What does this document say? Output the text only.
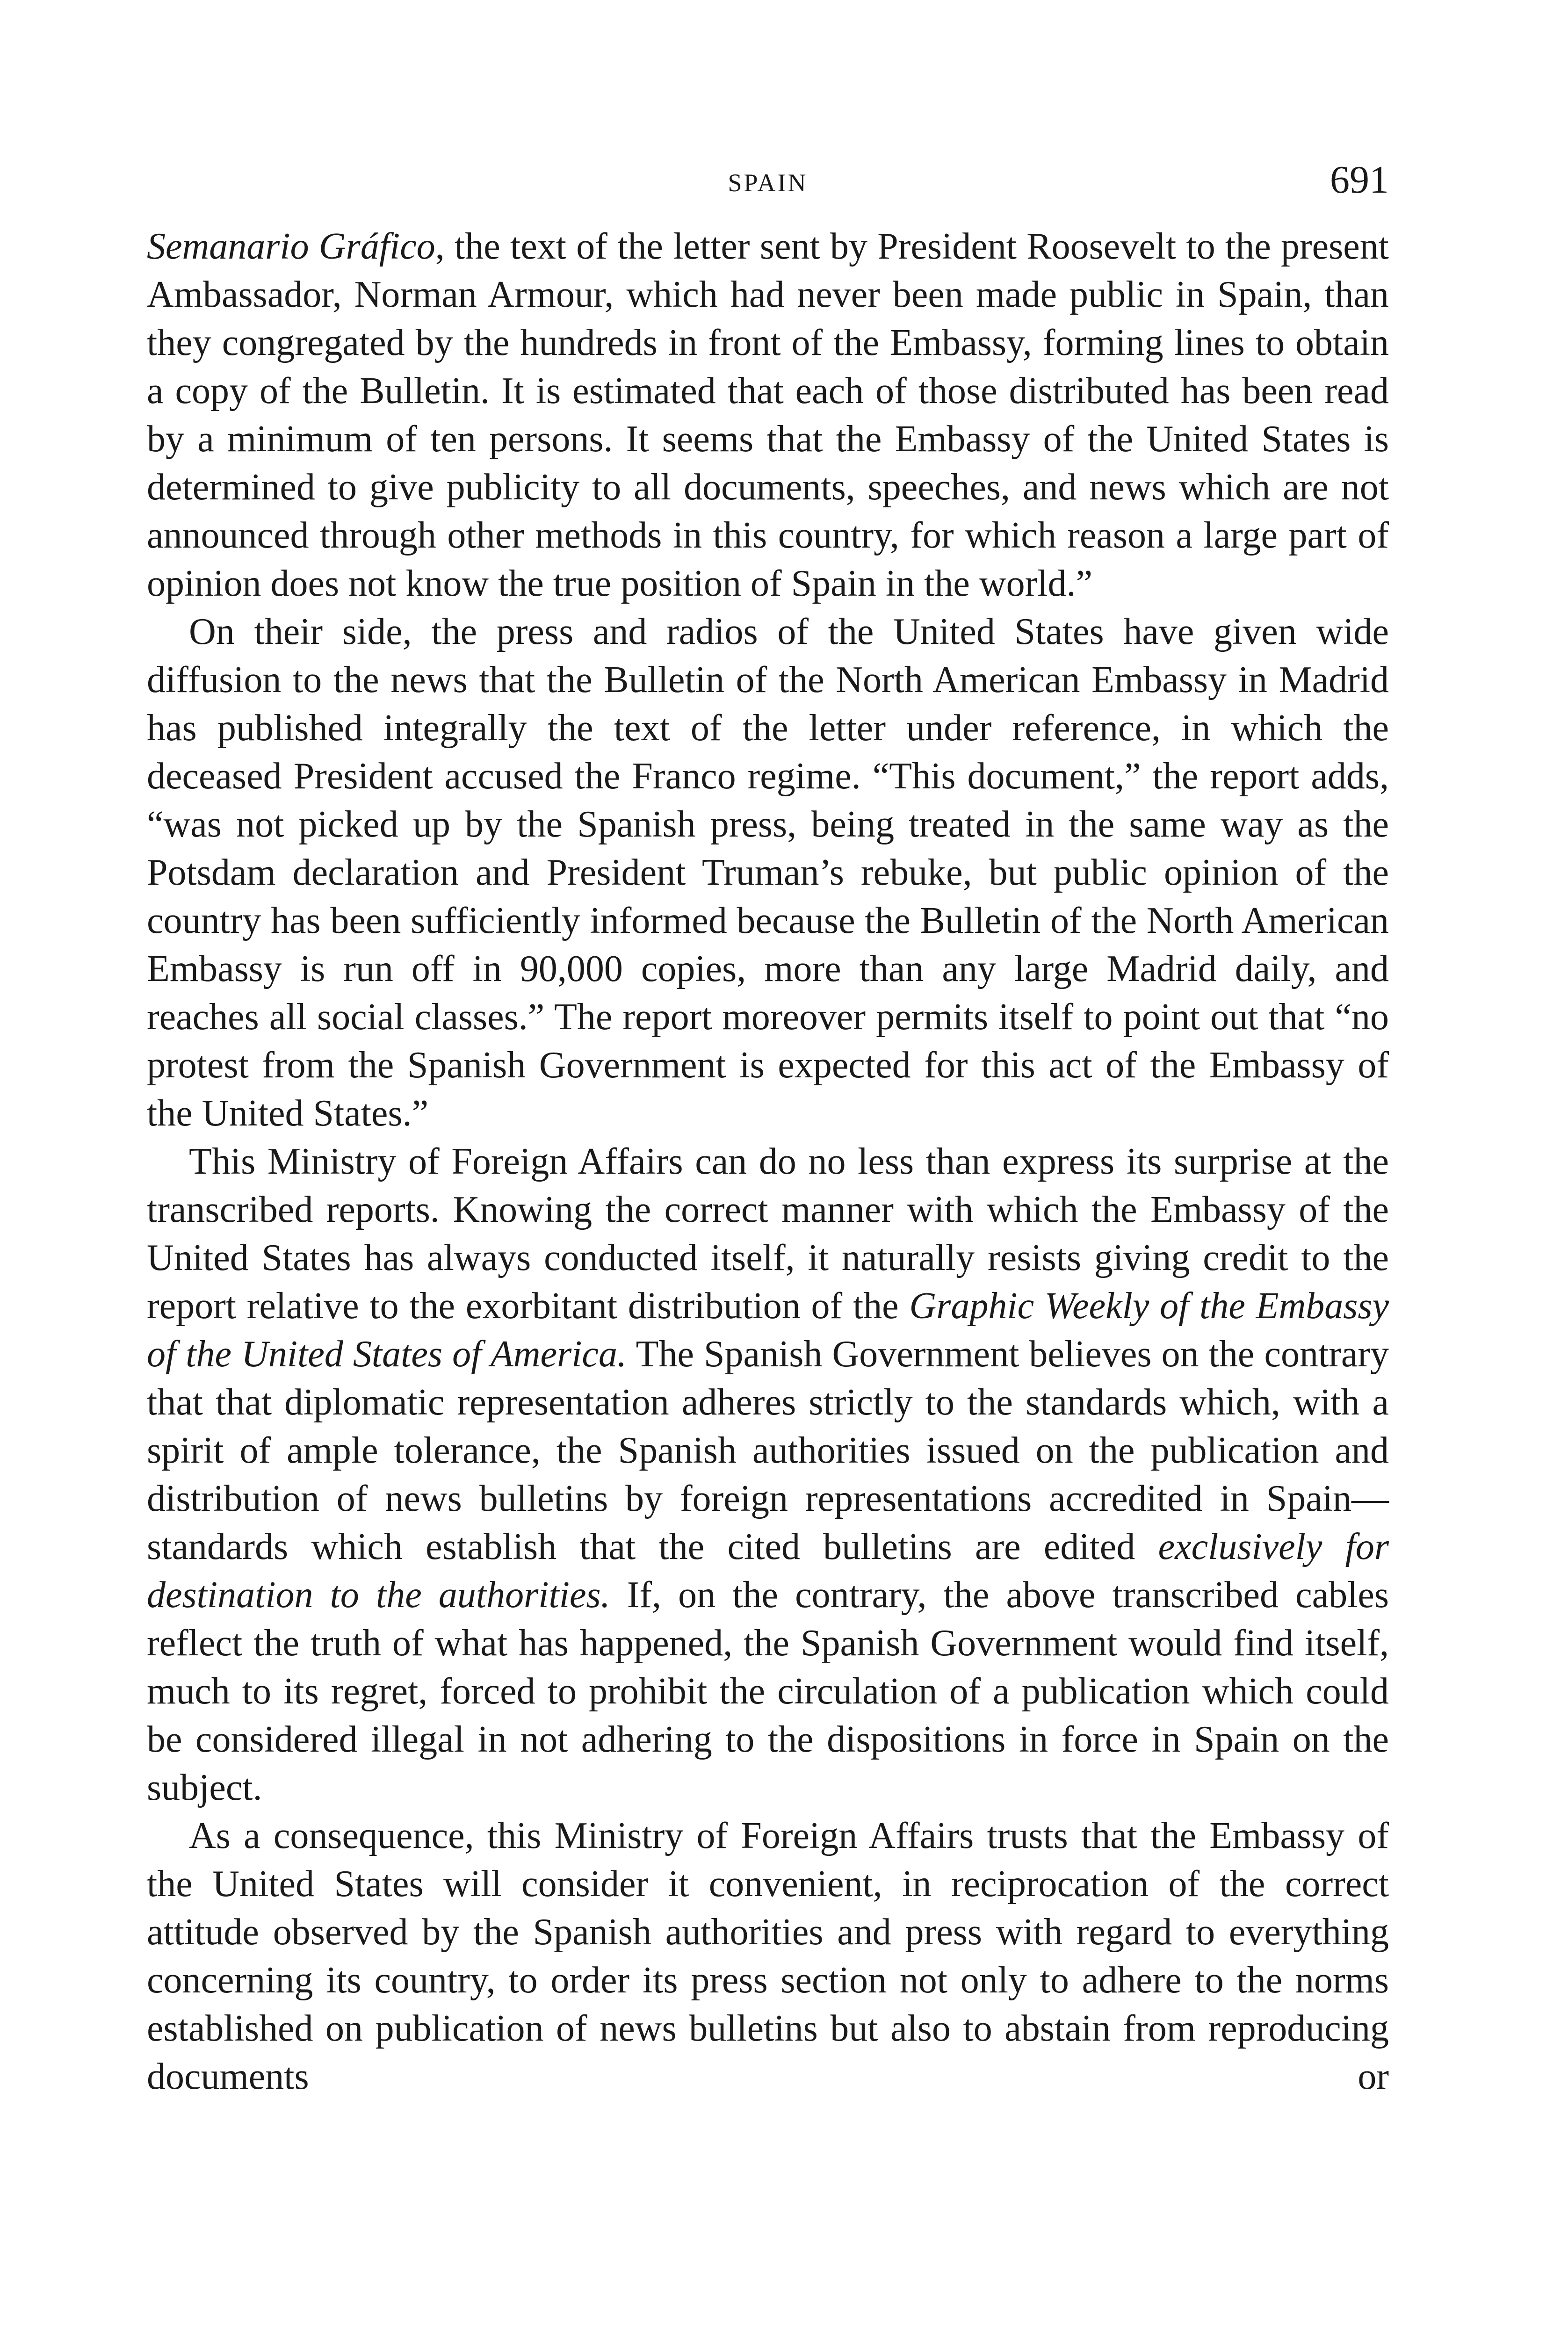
SPAIN	691

Semanario Gráfico, the text of the letter sent by President Roosevelt to the present Ambassador, Norman Armour, which had never been made public in Spain, than they congregated by the hundreds in front of the Embassy, forming lines to obtain a copy of the Bulletin. It is estimated that each of those distributed has been read by a minimum of ten persons. It seems that the Embassy of the United States is determined to give publicity to all documents, speeches, and news which are not announced through other methods in this country, for which reason a large part of opinion does not know the true position of Spain in the world.”

On their side, the press and radios of the United States have given wide diffusion to the news that the Bulletin of the North American Embassy in Madrid has published integrally the text of the letter under reference, in which the deceased President accused the Franco regime. “This document,” the report adds, “was not picked up by the Spanish press, being treated in the same way as the Potsdam declaration and President Truman’s rebuke, but public opinion of the country has been sufficiently informed because the Bulletin of the North American Embassy is run off in 90,000 copies, more than any large Madrid daily, and reaches all social classes.” The report moreover permits itself to point out that “no protest from the Spanish Government is expected for this act of the Embassy of the United States.”

This Ministry of Foreign Affairs can do no less than express its surprise at the transcribed reports. Knowing the correct manner with which the Embassy of the United States has always conducted itself, it naturally resists giving credit to the report relative to the exorbitant distribution of the Graphic Weekly of the Embassy of the United States of America. The Spanish Government believes on the contrary that that diplomatic representation adheres strictly to the standards which, with a spirit of ample tolerance, the Spanish authorities issued on the publication and distribution of news bulletins by foreign representations accredited in Spain—standards which establish that the cited bulletins are edited exclusively for destination to the authorities. If, on the contrary, the above transcribed cables reflect the truth of what has happened, the Spanish Government would find itself, much to its regret, forced to prohibit the circulation of a publication which could be considered illegal in not adhering to the dispositions in force in Spain on the subject.

As a consequence, this Ministry of Foreign Affairs trusts that the Embassy of the United States will consider it convenient, in reciprocation of the correct attitude observed by the Spanish authorities and press with regard to everything concerning its country, to order its press section not only to adhere to the norms established on publication of news bulletins but also to abstain from reproducing documents or
